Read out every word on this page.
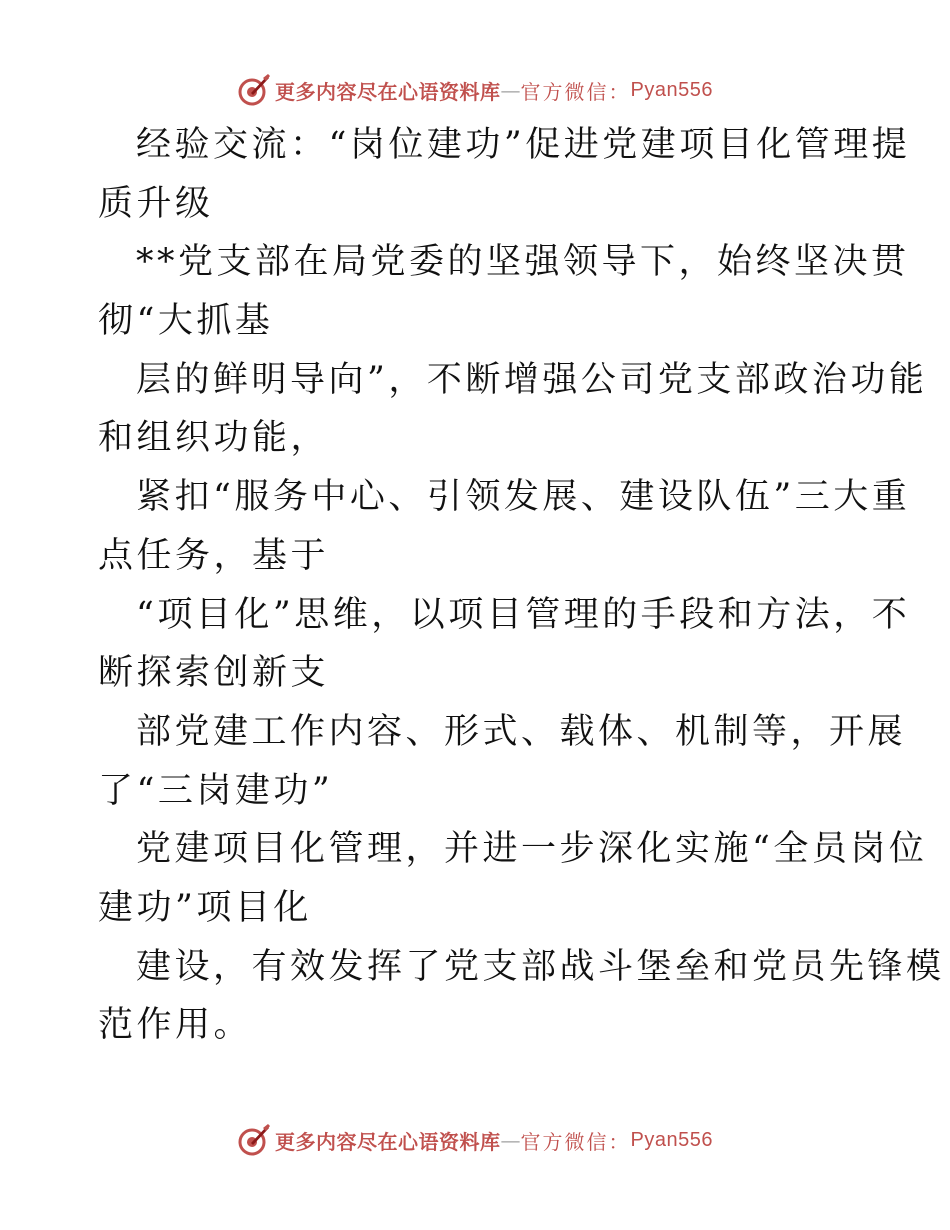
更多内容尽在心语资料库 — 官方微信： Pyan556
经验交流：“岗位建功”促进党建项目化管理提
质升级
**党支部在局党委的坚强领导下，始终坚决贯
彻“大抓基
层的鲜明导向”，不断增强公司党支部政治功能
和组织功能，
紧扣“服务中心、引领发展、建设队伍”三大重
点任务，基于
“项目化”思维，以项目管理的手段和方法，不
断探索创新支
部党建工作内容、形式、载体、机制等，开展
了“三岗建功”
党建项目化管理，并进一步深化实施“全员岗位
建功”项目化
建设，有效发挥了党支部战斗堡垒和党员先锋模
范作用。
更多内容尽在心语资料库 — 官方微信： Pyan556
